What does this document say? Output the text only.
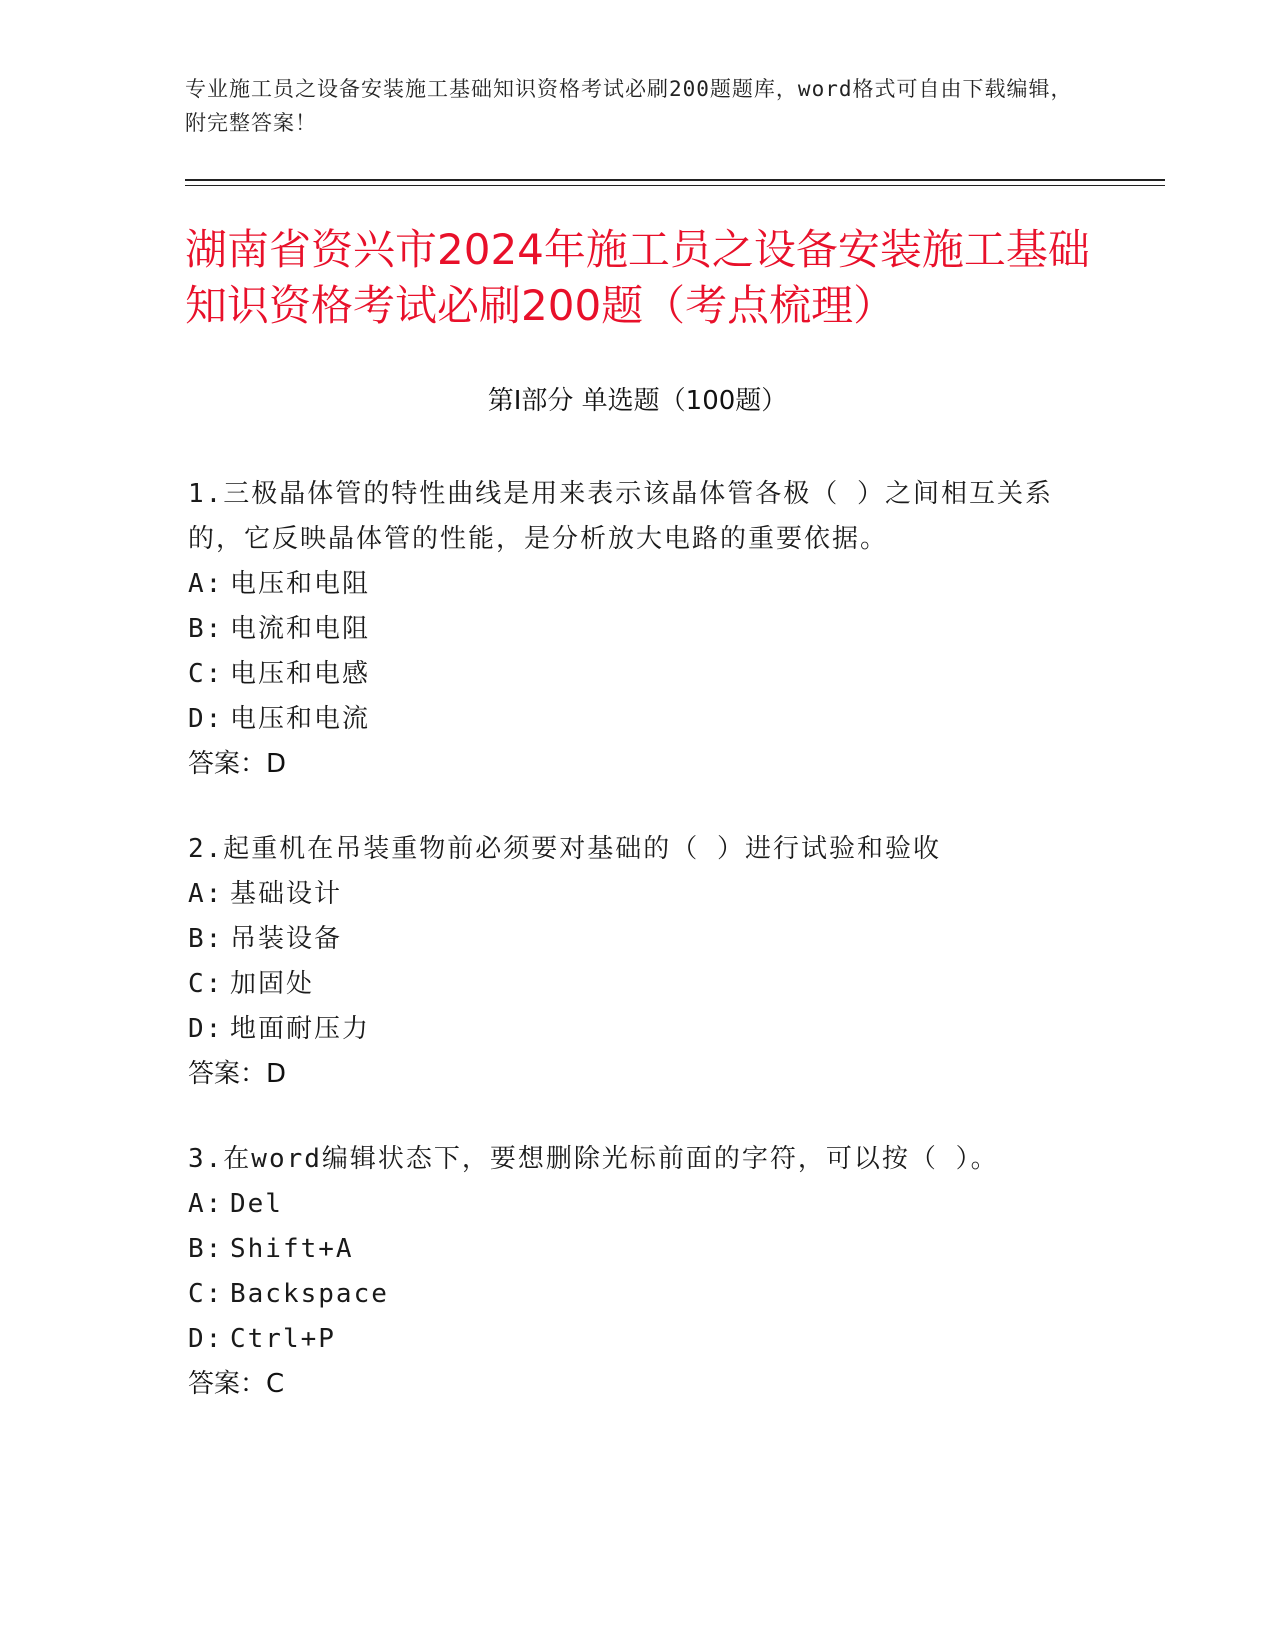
专业施工员之设备安装施工基础知识资格考试必刷200题题库，word格式可自由下载编辑，附完整答案！
湖南省资兴市2024年施工员之设备安装施工基础知识资格考试必刷200题（考点梳理）
第Ⅰ部分 单选题（100题）

1.三极晶体管的特性曲线是用来表示该晶体管各极（ ）之间相互关系的，它反映晶体管的性能，是分析放大电路的重要依据。

A: 电压和电阻

B: 电流和电阻

C: 电压和电感

D: 电压和电流

答案：D

2.起重机在吊装重物前必须要对基础的（ ）进行试验和验收

A: 基础设计

B: 吊装设备

C: 加固处

D: 地面耐压力

答案：D

3.在word编辑状态下，要想删除光标前面的字符，可以按（ ）。

A: Del

B: Shift+A

C: Backspace

D: Ctrl+P

答案：C
